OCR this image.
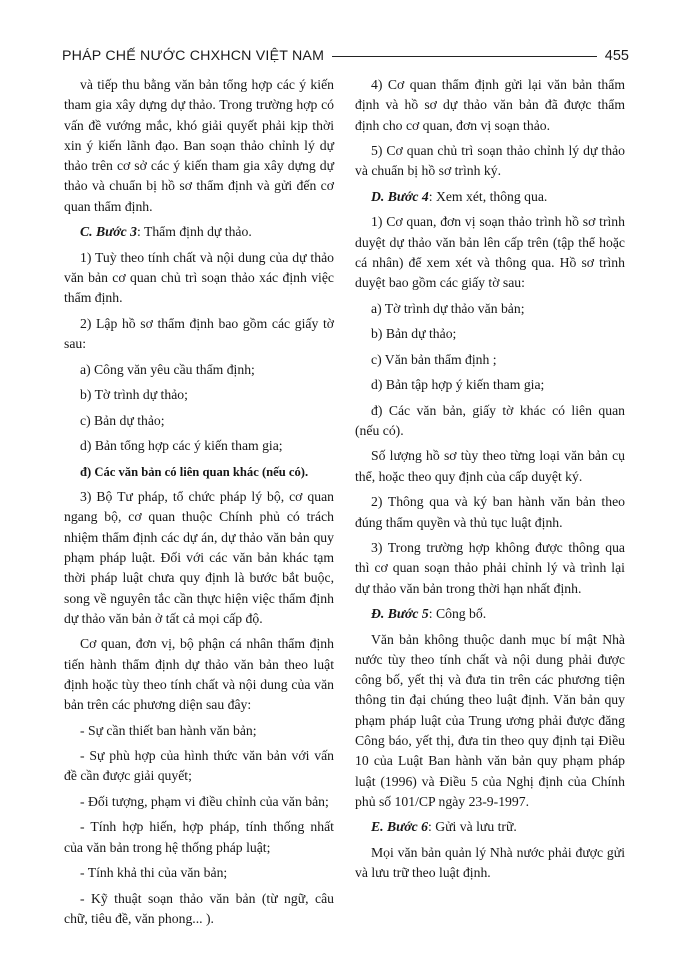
PHÁP CHẾ NƯỚC CHXHCN VIỆT NAM	455

và tiếp thu bằng văn bản tổng hợp các ý kiến tham gia xây dựng dự thảo. Trong trường hợp có vấn đề vướng mắc, khó giải quyết phải kịp thời xin ý kiến lãnh đạo. Ban soạn thảo chỉnh lý dự thảo trên cơ sở các ý kiến tham gia xây dựng dự thảo và chuẩn bị hồ sơ thẩm định và gửi đến cơ quan thẩm định.

C. Bước 3: Thẩm định dự thảo.

1) Tuỳ theo tính chất và nội dung của dự thảo văn bản cơ quan chủ trì soạn thảo xác định việc thẩm định.

2) Lập hồ sơ thẩm định bao gồm các giấy tờ sau:

a) Công văn yêu cầu thẩm định;

b) Tờ trình dự thảo;

c) Bản dự thảo;

d) Bản tổng hợp các ý kiến tham gia;

đ) Các văn bản có liên quan khác (nếu có).

3) Bộ Tư pháp, tổ chức pháp lý bộ, cơ quan ngang bộ, cơ quan thuộc Chính phủ có trách nhiệm thẩm định các dự án, dự thảo văn bản quy phạm pháp luật. Đối với các văn bản khác tạm thời pháp luật chưa quy định là bước bắt buộc, song về nguyên tắc cần thực hiện việc thẩm định dự thảo văn bản ở tất cả mọi cấp độ.

Cơ quan, đơn vị, bộ phận cá nhân thẩm định tiến hành thẩm định dự thảo văn bản theo luật định hoặc tùy theo tính chất và nội dung của văn bản trên các phương diện sau đây:

- Sự cần thiết ban hành văn bản;

- Sự phù hợp của hình thức văn bản với vấn đề cần được giải quyết;

- Đối tượng, phạm vi điều chỉnh của văn bản;

- Tính hợp hiến, hợp pháp, tính thống nhất của văn bản trong hệ thống pháp luật;

- Tính khả thi của văn bản;

- Kỹ thuật soạn thảo văn bản (từ ngữ, câu chữ, tiêu đề, văn phong... ).

4) Cơ quan thẩm định gửi lại văn bản thẩm định và hồ sơ dự thảo văn bản đã được thẩm định cho cơ quan, đơn vị soạn thảo.

5) Cơ quan chủ trì soạn thảo chỉnh lý dự thảo và chuẩn bị hồ sơ trình ký.

D. Bước 4: Xem xét, thông qua.

1) Cơ quan, đơn vị soạn thảo trình hồ sơ trình duyệt dự thảo văn bản lên cấp trên (tập thể hoặc cá nhân) để xem xét và thông qua. Hồ sơ trình duyệt bao gồm các giấy tờ sau:

a) Tờ trình dự thảo văn bản;

b) Bản dự thảo;

c) Văn bản thẩm định ;

d) Bản tập hợp ý kiến tham gia;

đ) Các văn bản, giấy tờ khác có liên quan (nếu có).

Số lượng hồ sơ tùy theo từng loại văn bản cụ thể, hoặc theo quy định của cấp duyệt ký.

2) Thông qua và ký ban hành văn bản theo đúng thẩm quyền và thủ tục luật định.

3) Trong trường hợp không được thông qua thì cơ quan soạn thảo phải chỉnh lý và trình lại dự thảo văn bản trong thời hạn nhất định.

Đ. Bước 5: Công bố.

Văn bản không thuộc danh mục bí mật Nhà nước tùy theo tính chất và nội dung phải được công bố, yết thị và đưa tin trên các phương tiện thông tin đại chúng theo luật định. Văn bản quy phạm pháp luật của Trung ương phải được đăng Công báo, yết thị, đưa tin theo quy định tại Điều 10 của Luật Ban hành văn bản quy phạm pháp luật (1996) và Điều 5 của Nghị định của Chính phủ số 101/CP ngày 23-9-1997.

E. Bước 6: Gửi và lưu trữ.

Mọi văn bản quản lý Nhà nước phải được gửi và lưu trữ theo luật định.
